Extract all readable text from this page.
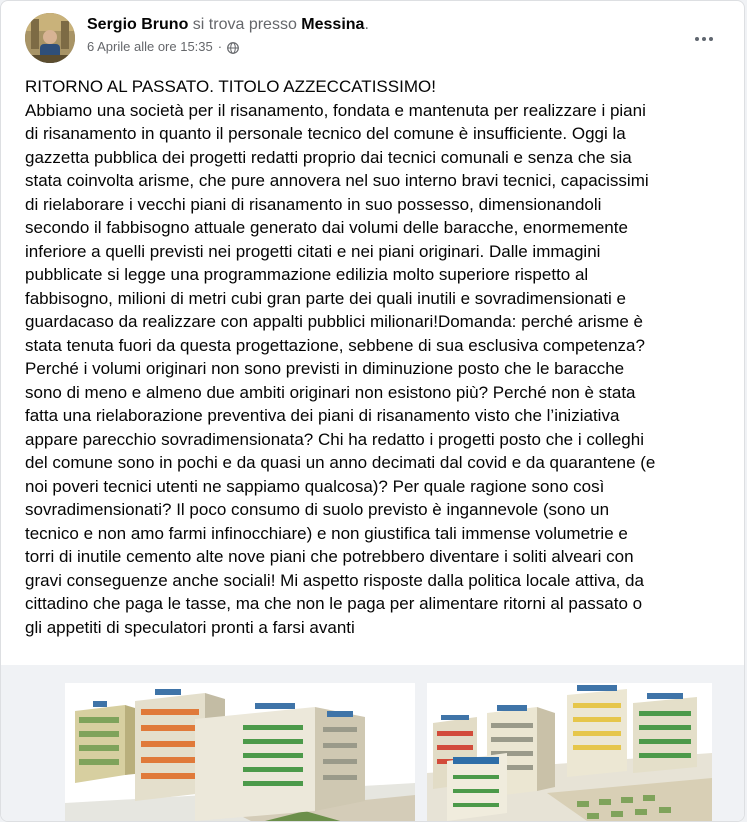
Sergio Bruno si trova presso Messina.
6 Aprile alle ore 15:35 ·

RITORNO AL PASSATO. TITOLO AZZECCATISSIMO!
Abbiamo una società per il risanamento, fondata e mantenuta per realizzare i piani
di risanamento in quanto il personale tecnico del comune è insufficiente. Oggi la
gazzetta pubblica dei progetti redatti proprio dai tecnici comunali e senza che sia
stata coinvolta arisme, che pure annovera nel suo interno bravi tecnici, capacissimi
di rielaborare i vecchi piani di risanamento in suo possesso, dimensionandoli
secondo il fabbisogno attuale generato dai volumi delle baracche, enormemente
inferiore a quelli previsti nei progetti citati e nei piani originari. Dalle immagini
pubblicate si legge una programmazione edilizia molto superiore rispetto al
fabbisogno, milioni di metri cubi gran parte dei quali inutili e sovradimensionati e
guardacaso da realizzare con appalti pubblici milionari!Domanda: perché arisme è
stata tenuta fuori da questa progettazione, sebbene di sua esclusiva competenza?
Perché i volumi originari non sono previsti in diminuzione posto che le baracche
sono di meno e almeno due ambiti originari non esistono più? Perché non è stata
fatta una rielaborazione preventiva dei piani di risanamento visto che l’iniziativa
appare parecchio sovradimensionata? Chi ha redatto i progetti posto che i colleghi
del comune sono in pochi e da quasi un anno decimati dal covid e da quarantene (e
noi poveri tecnici utenti ne sappiamo qualcosa)? Per quale ragione sono così
sovradimensionati? Il poco consumo di suolo previsto è ingannevole (sono un
tecnico e non amo farmi infinocchiare) e non giustifica tali immense volumetrie e
torri di inutile cemento alte nove piani che potrebbero diventare i soliti alveari con
gravi conseguenze anche sociali! Mi aspetto risposte dalla politica locale attiva, da
cittadino che paga le tasse, ma che non le paga per alimentare ritorni al passato o
gli appetiti di speculatori pronti a farsi avanti
